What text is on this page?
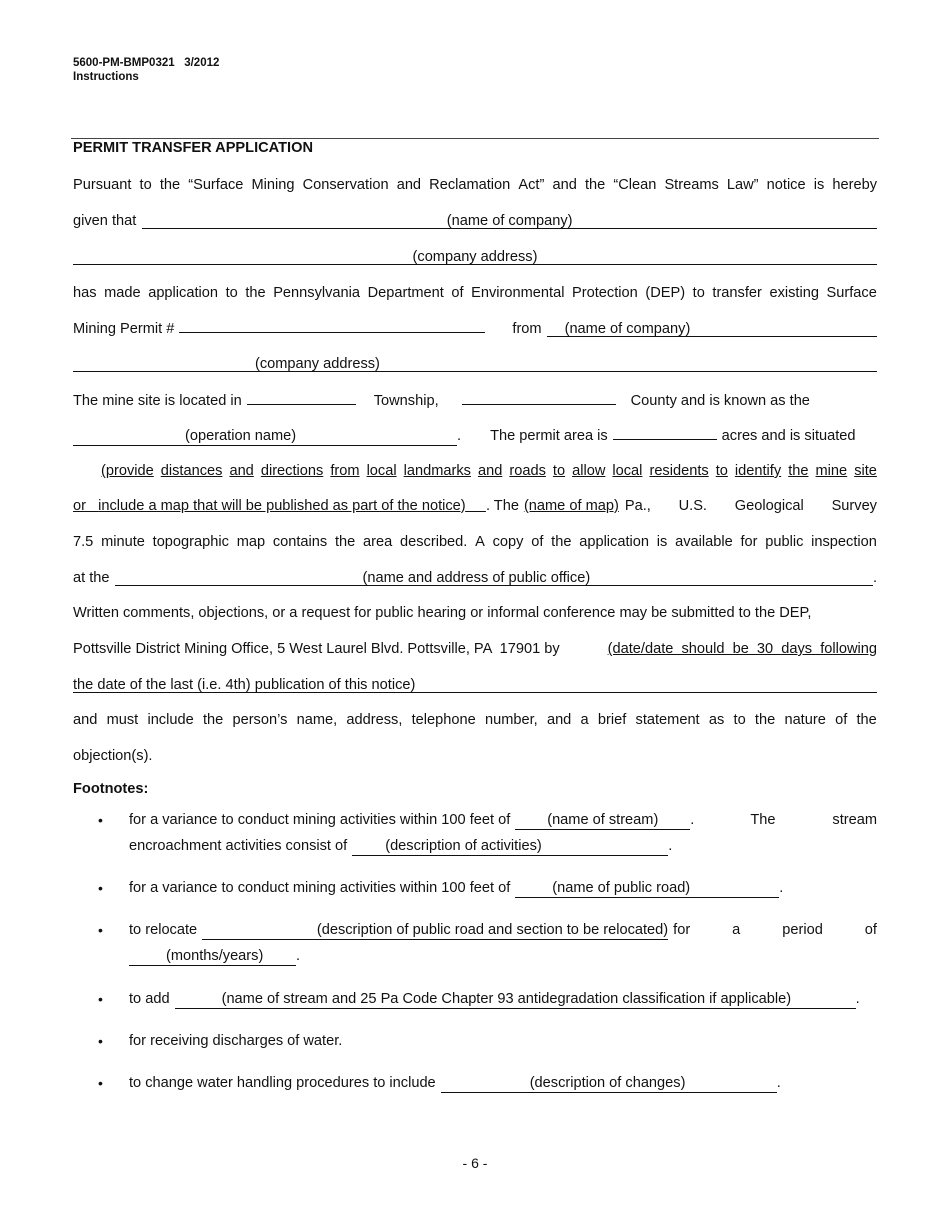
5600-PM-BMP0321   3/2012
Instructions
PERMIT TRANSFER APPLICATION
Pursuant to the “Surface Mining Conservation and Reclamation Act” and the “Clean Streams Law” notice is hereby
given that	(name of company)
(company address)
has made application to the Pennsylvania Department of Environmental Protection (DEP) to transfer existing Surface
Mining Permit #	from	(name of company)
(company address)
The mine site is located in	Township,	County and is known as the
(operation name)	. The permit area is	acres and is situated
(provide distances and directions from local landmarks and roads to allow local residents to identify the mine site
or include a map that will be published as part of the notice)	. The (name of map) Pa., U.S. Geological Survey
7.5 minute topographic map contains the area described. A copy of the application is available for public inspection
at the	(name and address of public office)	.
Written comments, objections, or a request for public hearing or informal conference may be submitted to the DEP,
Pottsville District Mining Office, 5 West Laurel Blvd. Pottsville, PA  17901 by	(date/date  should  be  30  days  following
the date of the last (i.e. 4th) publication of this notice)
and must include the person’s name, address, telephone number, and a brief statement as to the nature of the
objection(s).
Footnotes:
• for a variance to conduct mining activities within 100 feet of	(name of stream)	.	The	stream
encroachment activities consist of	(description of activities)	.
• for a variance to conduct mining activities within 100 feet of	(name of public road)	.
• to relocate	(description of public road and section to be relocated) for	a	period	of
(months/years)	.
• to add	(name of stream and 25 Pa Code Chapter 93 antidegradation classification if applicable)	.
• for receiving discharges of water.
• to change water handling procedures to include	(description of changes)	.
- 6 -
